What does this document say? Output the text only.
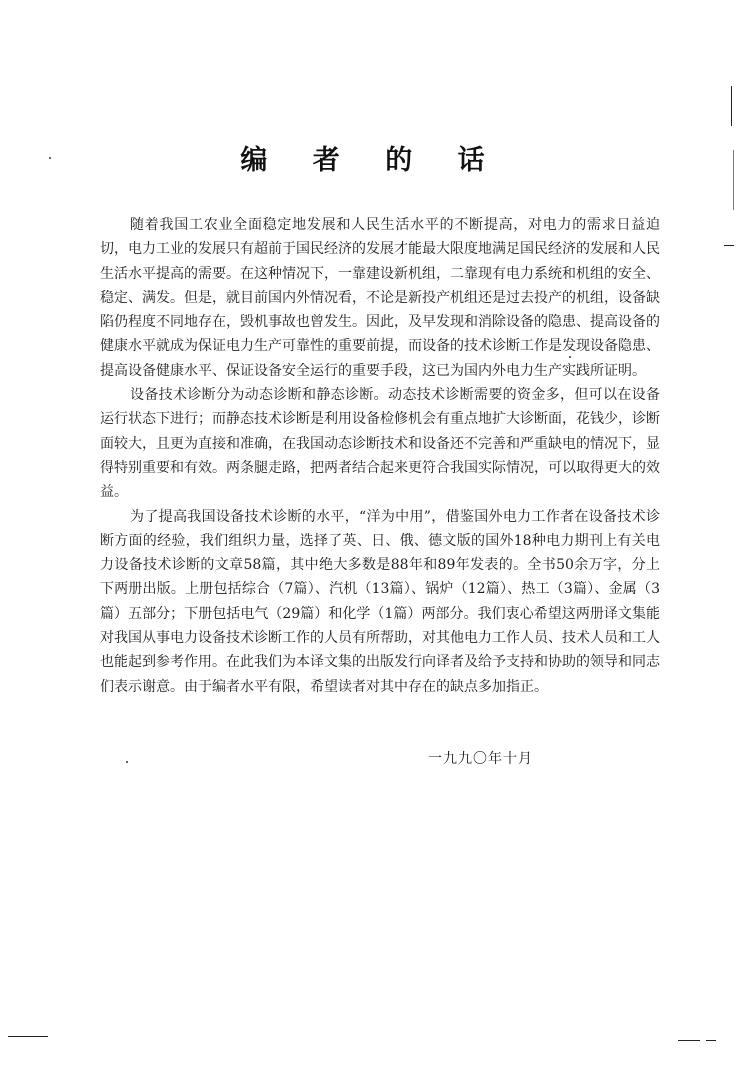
编 者 的 话

随着我国工农业全面稳定地发展和人民生活水平的不断提高，对电力的需求日益迫切，电力工业的发展只有超前于国民经济的发展才能最大限度地满足国民经济的发展和人民生活水平提高的需要。在这种情况下，一靠建设新机组，二靠现有电力系统和机组的安全、稳定、满发。但是，就目前国内外情况看，不论是新投产机组还是过去投产的机组，设备缺陷仍程度不同地存在，毁机事故也曾发生。因此，及早发现和消除设备的隐患、提高设备的健康水平就成为保证电力生产可靠性的重要前提，而设备的技术诊断工作是发现设备隐患、提高设备健康水平、保证设备安全运行的重要手段，这已为国内外电力生产实践所证明。

设备技术诊断分为动态诊断和静态诊断。动态技术诊断需要的资金多，但可以在设备运行状态下进行；而静态技术诊断是利用设备检修机会有重点地扩大诊断面，花钱少，诊断面较大，且更为直接和准确，在我国动态诊断技术和设备还不完善和严重缺电的情况下，显得特别重要和有效。两条腿走路，把两者结合起来更符合我国实际情况，可以取得更大的效益。

为了提高我国设备技术诊断的水平，“洋为中用”，借鉴国外电力工作者在设备技术诊断方面的经验，我们组织力量，选择了英、日、俄、德文版的国外18种电力期刊上有关电力设备技术诊断的文章58篇，其中绝大多数是88年和89年发表的。全书50余万字，分上下两册出版。上册包括综合（7篇）、汽机（13篇）、锅炉（12篇）、热工（3篇）、金属（3篇）五部分；下册包括电气（29篇）和化学（1篇）两部分。我们衷心希望这两册译文集能对我国从事电力设备技术诊断工作的人员有所帮助，对其他电力工作人员、技术人员和工人也能起到参考作用。在此我们为本译文集的出版发行向译者及给予支持和协助的领导和同志们表示谢意。由于编者水平有限，希望读者对其中存在的缺点多加指正。

一九九〇年十月
